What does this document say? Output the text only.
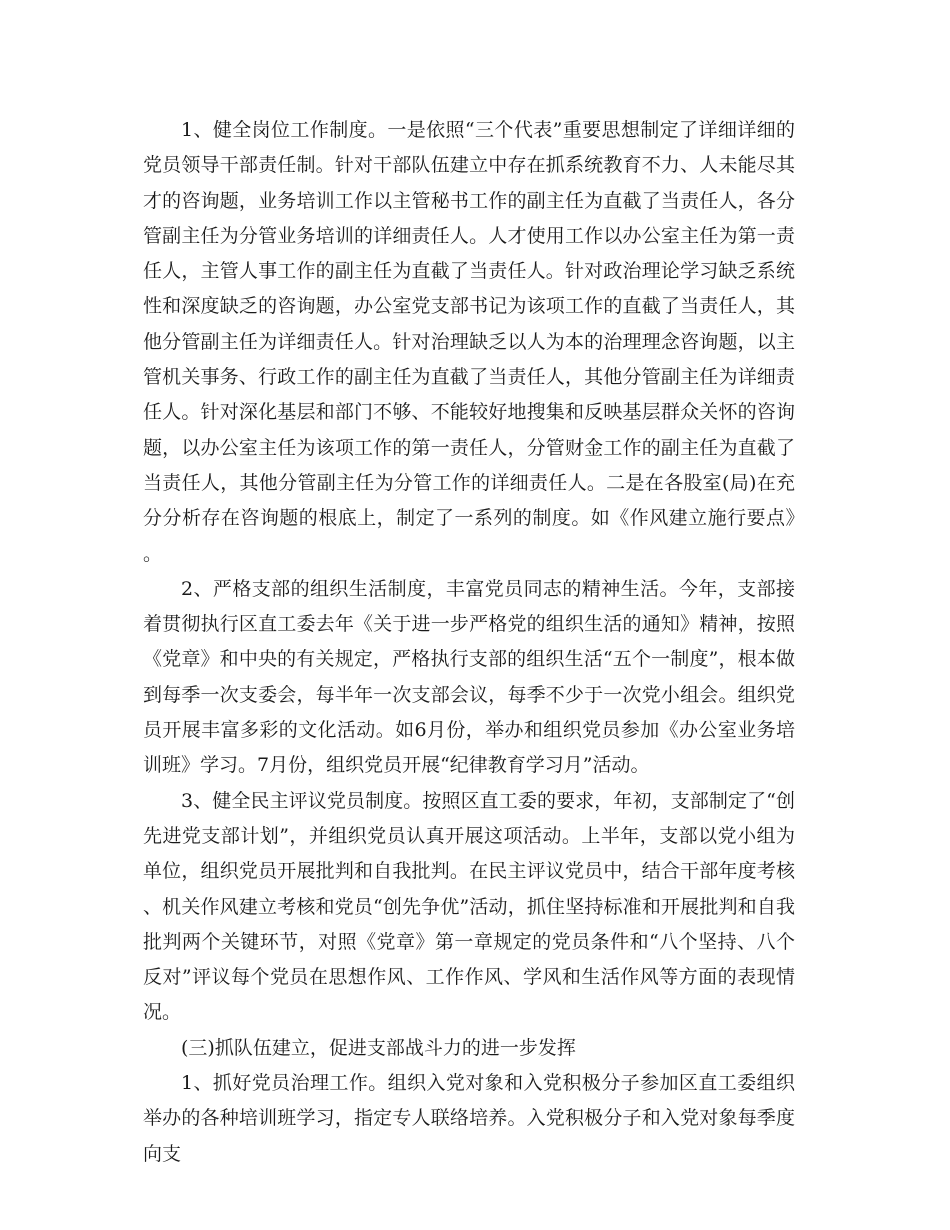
1、健全岗位工作制度。一是依照“三个代表”重要思想制定了详细详细的党员领导干部责任制。针对干部队伍建立中存在抓系统教育不力、人未能尽其才的咨询题，业务培训工作以主管秘书工作的副主任为直截了当责任人，各分管副主任为分管业务培训的详细责任人。人才使用工作以办公室主任为第一责任人，主管人事工作的副主任为直截了当责任人。针对政治理论学习缺乏系统性和深度缺乏的咨询题，办公室党支部书记为该项工作的直截了当责任人，其他分管副主任为详细责任人。针对治理缺乏以人为本的治理理念咨询题，以主管机关事务、行政工作的副主任为直截了当责任人，其他分管副主任为详细责任人。针对深化基层和部门不够、不能较好地搜集和反映基层群众关怀的咨询题，以办公室主任为该项工作的第一责任人，分管财金工作的副主任为直截了当责任人，其他分管副主任为分管工作的详细责任人。二是在各股室(局)在充分分析存在咨询题的根底上，制定了一系列的制度。如《作风建立施行要点》。

2、严格支部的组织生活制度，丰富党员同志的精神生活。今年，支部接着贯彻执行区直工委去年《关于进一步严格党的组织生活的通知》精神，按照《党章》和中央的有关规定，严格执行支部的组织生活“五个一制度”，根本做到每季一次支委会，每半年一次支部会议，每季不少于一次党小组会。组织党员开展丰富多彩的文化活动。如6月份，举办和组织党员参加《办公室业务培训班》学习。7月份，组织党员开展“纪律教育学习月”活动。

3、健全民主评议党员制度。按照区直工委的要求，年初，支部制定了“创先进党支部计划”，并组织党员认真开展这项活动。上半年，支部以党小组为单位，组织党员开展批判和自我批判。在民主评议党员中，结合干部年度考核、机关作风建立考核和党员“创先争优”活动，抓住坚持标准和开展批判和自我批判两个关键环节，对照《党章》第一章规定的党员条件和“八个坚持、八个反对”评议每个党员在思想作风、工作作风、学风和生活作风等方面的表现情况。

(三)抓队伍建立，促进支部战斗力的进一步发挥

1、抓好党员治理工作。组织入党对象和入党积极分子参加区直工委组织举办的各种培训班学习，指定专人联络培养。入党积极分子和入党对象每季度向支
